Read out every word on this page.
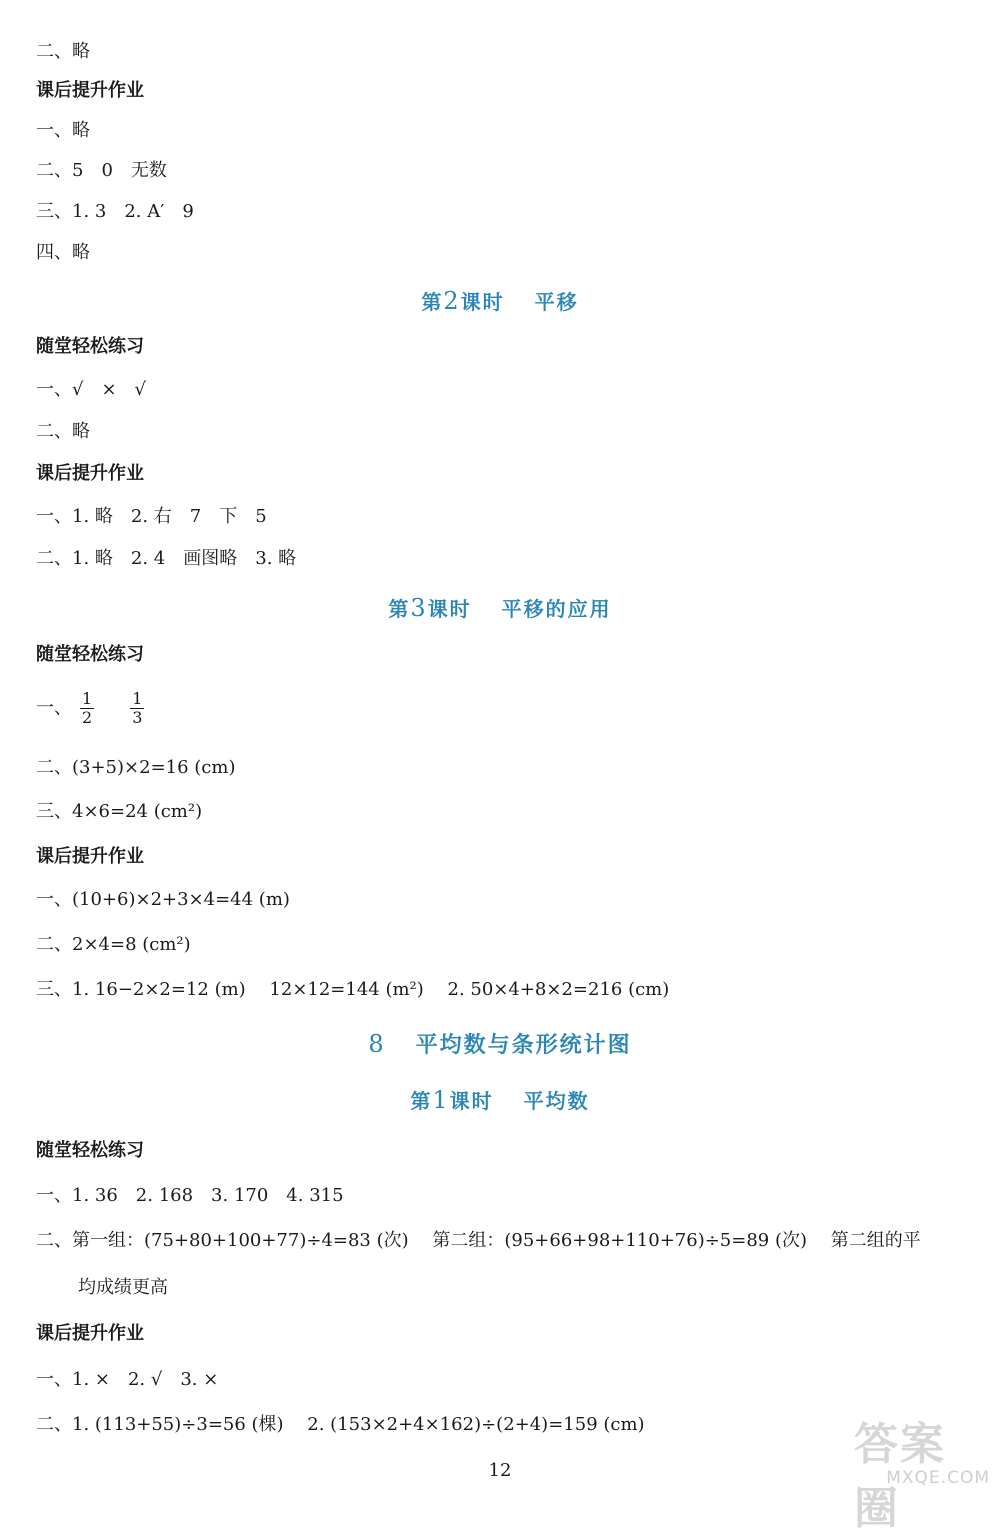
二、略
课后提升作业
一、略
二、5　0　无数
三、1. 3　2. A′　9
四、略
第2课时 平移
随堂轻松练习
一、√　×　√
二、略
课后提升作业
一、1. 略　2. 右　7　下　5
二、1. 略　2. 4　画图略　3. 略
第3课时 平移的应用
随堂轻松练习
一、 $\frac{1}{2} \frac{1}{3}$
二、(3+5)×2=16 (cm)
三、4×6=24 (cm²)
课后提升作业
一、(10+6)×2+3×4=44 (m)
二、2×4=8 (cm²)
三、1. 16−2×2=12 (m)　 12×12=144 (m²)　 2. 50×4+8×2=216 (cm)
8 平均数与条形统计图
第1课时 平均数
随堂轻松练习
一、1. 36　2. 168　3. 170　4. 315
二、第一组：(75+80+100+77)÷4=83 (次)　 第二组：(95+66+98+110+76)÷5=89 (次)　 第二组的平
均成绩更高
课后提升作业
一、1. ×　2. √　3. ×
二、1. (113+55)÷3=56 (棵)　 2. (153×2+4×162)÷(2+4)=159 (cm)
12
答案圈
MXQE.COM
